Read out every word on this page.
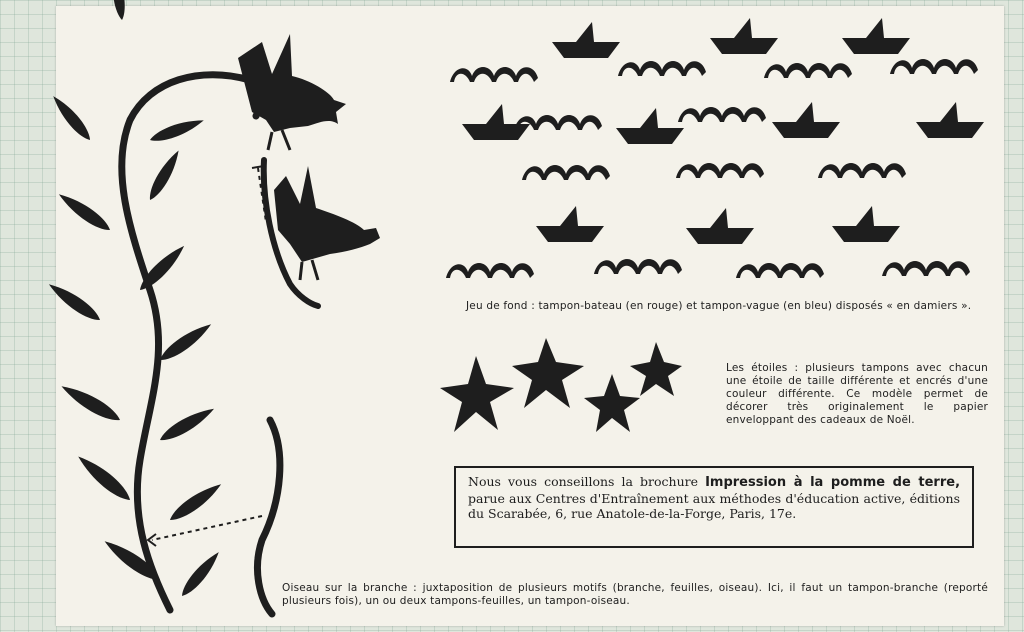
Jeu de fond : tampon-bateau (en rouge) et tampon-vague (en bleu) disposés « en damiers ».
Les étoiles : plusieurs tampons avec chacun une étoile de taille différente et encrés d'une couleur différente. Ce modèle permet de décorer très originalement le papier enveloppant des cadeaux de Noël.
Nous vous conseillons la brochure Impression à la pomme de terre, parue aux Centres d'Entraînement aux méthodes d'éducation active, éditions du Scarabée, 6, rue Anatole-de-la-Forge, Paris, 17e.
Oiseau sur la branche : juxtaposition de plusieurs motifs (branche, feuilles, oiseau). Ici, il faut un tampon-branche (reporté plusieurs fois), un ou deux tampons-feuilles, un tampon-oiseau.
